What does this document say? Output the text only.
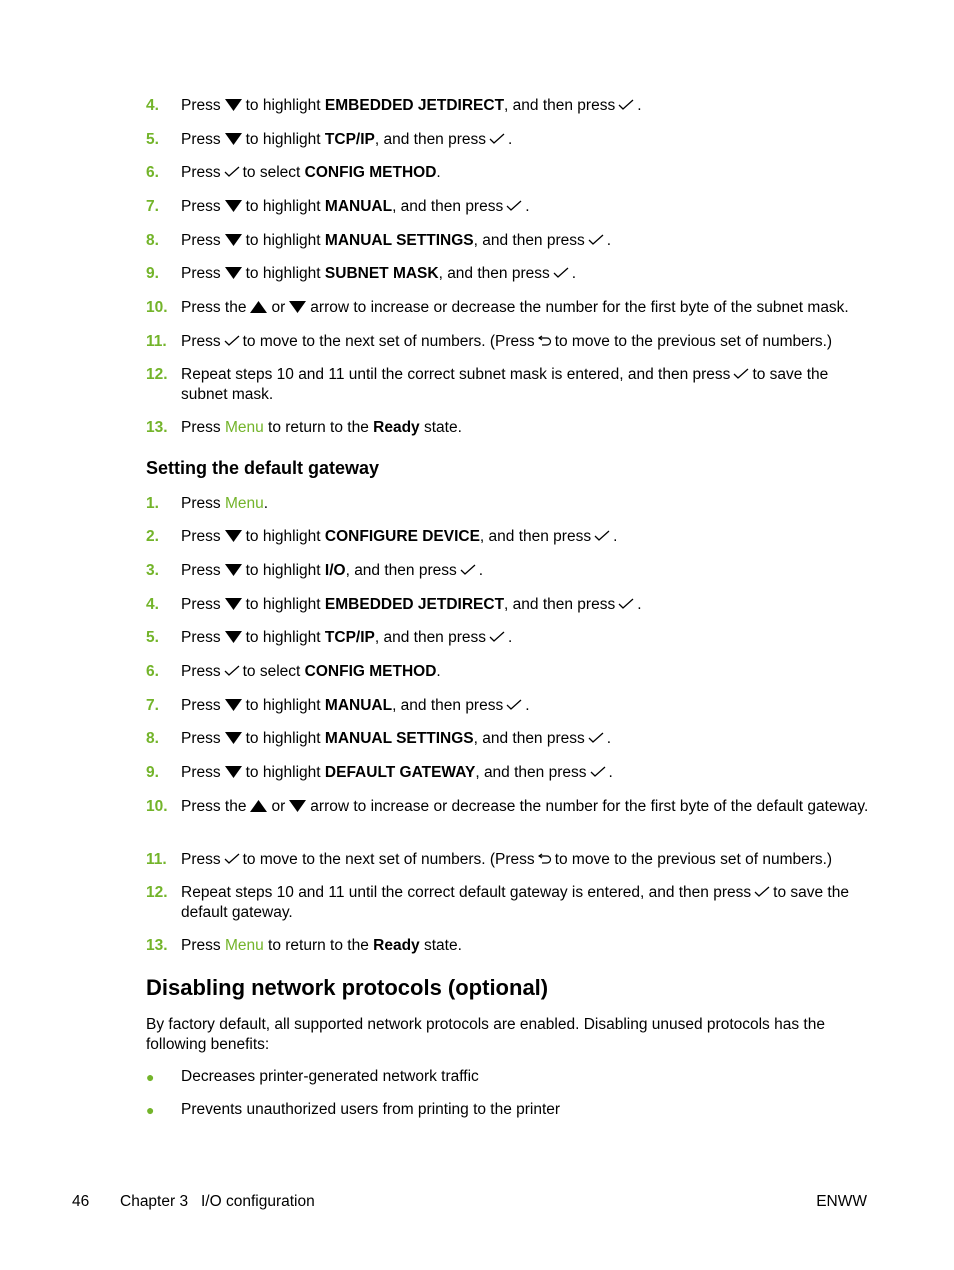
4. Press to highlight EMBEDDED JETDIRECT, and then press .
5. Press to highlight TCP/IP, and then press .
6. Press to select CONFIG METHOD.
7. Press to highlight MANUAL, and then press .
8. Press to highlight MANUAL SETTINGS, and then press .
9. Press to highlight SUBNET MASK, and then press .
10. Press the or arrow to increase or decrease the number for the first byte of the subnet mask.
11. Press to move to the next set of numbers. (Press to move to the previous set of numbers.)
12. Repeat steps 10 and 11 until the correct subnet mask is entered, and then press to save the subnet mask.
13. Press Menu to return to the Ready state.
Setting the default gateway
1. Press Menu.
2. Press to highlight CONFIGURE DEVICE, and then press .
3. Press to highlight I/O, and then press .
4. Press to highlight EMBEDDED JETDIRECT, and then press .
5. Press to highlight TCP/IP, and then press .
6. Press to select CONFIG METHOD.
7. Press to highlight MANUAL, and then press .
8. Press to highlight MANUAL SETTINGS, and then press .
9. Press to highlight DEFAULT GATEWAY, and then press .
10. Press the or arrow to increase or decrease the number for the first byte of the default gateway.
11. Press to move to the next set of numbers. (Press to move to the previous set of numbers.)
12. Repeat steps 10 and 11 until the correct default gateway is entered, and then press to save the default gateway.
13. Press Menu to return to the Ready state.
Disabling network protocols (optional)
By factory default, all supported network protocols are enabled. Disabling unused protocols has the following benefits:
● Decreases printer-generated network traffic
● Prevents unauthorized users from printing to the printer
46 Chapter 3   I/O configuration	ENWW
